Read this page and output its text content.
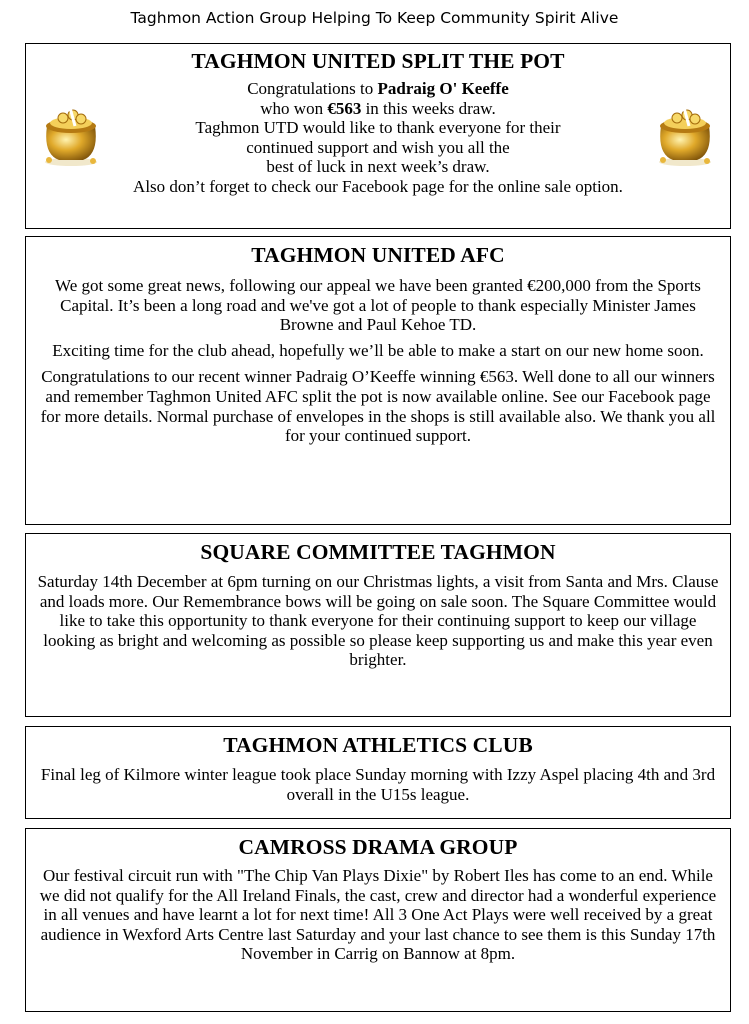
Taghmon Action Group Helping To Keep Community Spirit Alive
TAGHMON UNITED SPLIT THE POT
Congratulations to Padraig O' Keeffe
who won €563 in this weeks draw.
Taghmon UTD would like to thank everyone for their
continued support and wish you all the
best of luck in next week’s draw.
Also don’t forget to check our Facebook page for the online sale option.
TAGHMON UNITED AFC

We got some great news, following our appeal we have been granted €200,000 from the Sports Capital. It’s been a long road and we've got a lot of people to thank especially Minister James Browne and Paul Kehoe TD.

Exciting time for the club ahead, hopefully we’ll be able to make a start on our new home soon.

Congratulations to our recent winner Padraig O’Keeffe winning €563. Well done to all our winners and remember Taghmon United AFC split the pot is now available online. See our Facebook page for more details. Normal purchase of envelopes in the shops is still available also. We thank you all for your continued support.

SQUARE COMMITTEE TAGHMON

Saturday 14th December at 6pm turning on our Christmas lights, a visit from Santa and Mrs. Clause and loads more. Our Remembrance bows will be going on sale soon. The Square Committee would like to take this opportunity to thank everyone for their continuing support to keep our village looking as bright and welcoming as possible so please keep supporting us and make this year even brighter.

TAGHMON ATHLETICS CLUB

Final leg of Kilmore winter league took place Sunday morning with Izzy Aspel placing 4th and 3rd overall in the U15s league.

CAMROSS DRAMA GROUP

Our festival circuit run with "The Chip Van Plays Dixie" by Robert Iles has come to an end. While we did not qualify for the All Ireland Finals, the cast, crew and director had a wonderful experience in all venues and have learnt a lot for next time! All 3 One Act Plays were well received by a great audience in Wexford Arts Centre last Saturday and your last chance to see them is this Sunday 17th November in Carrig on Bannow at 8pm.
